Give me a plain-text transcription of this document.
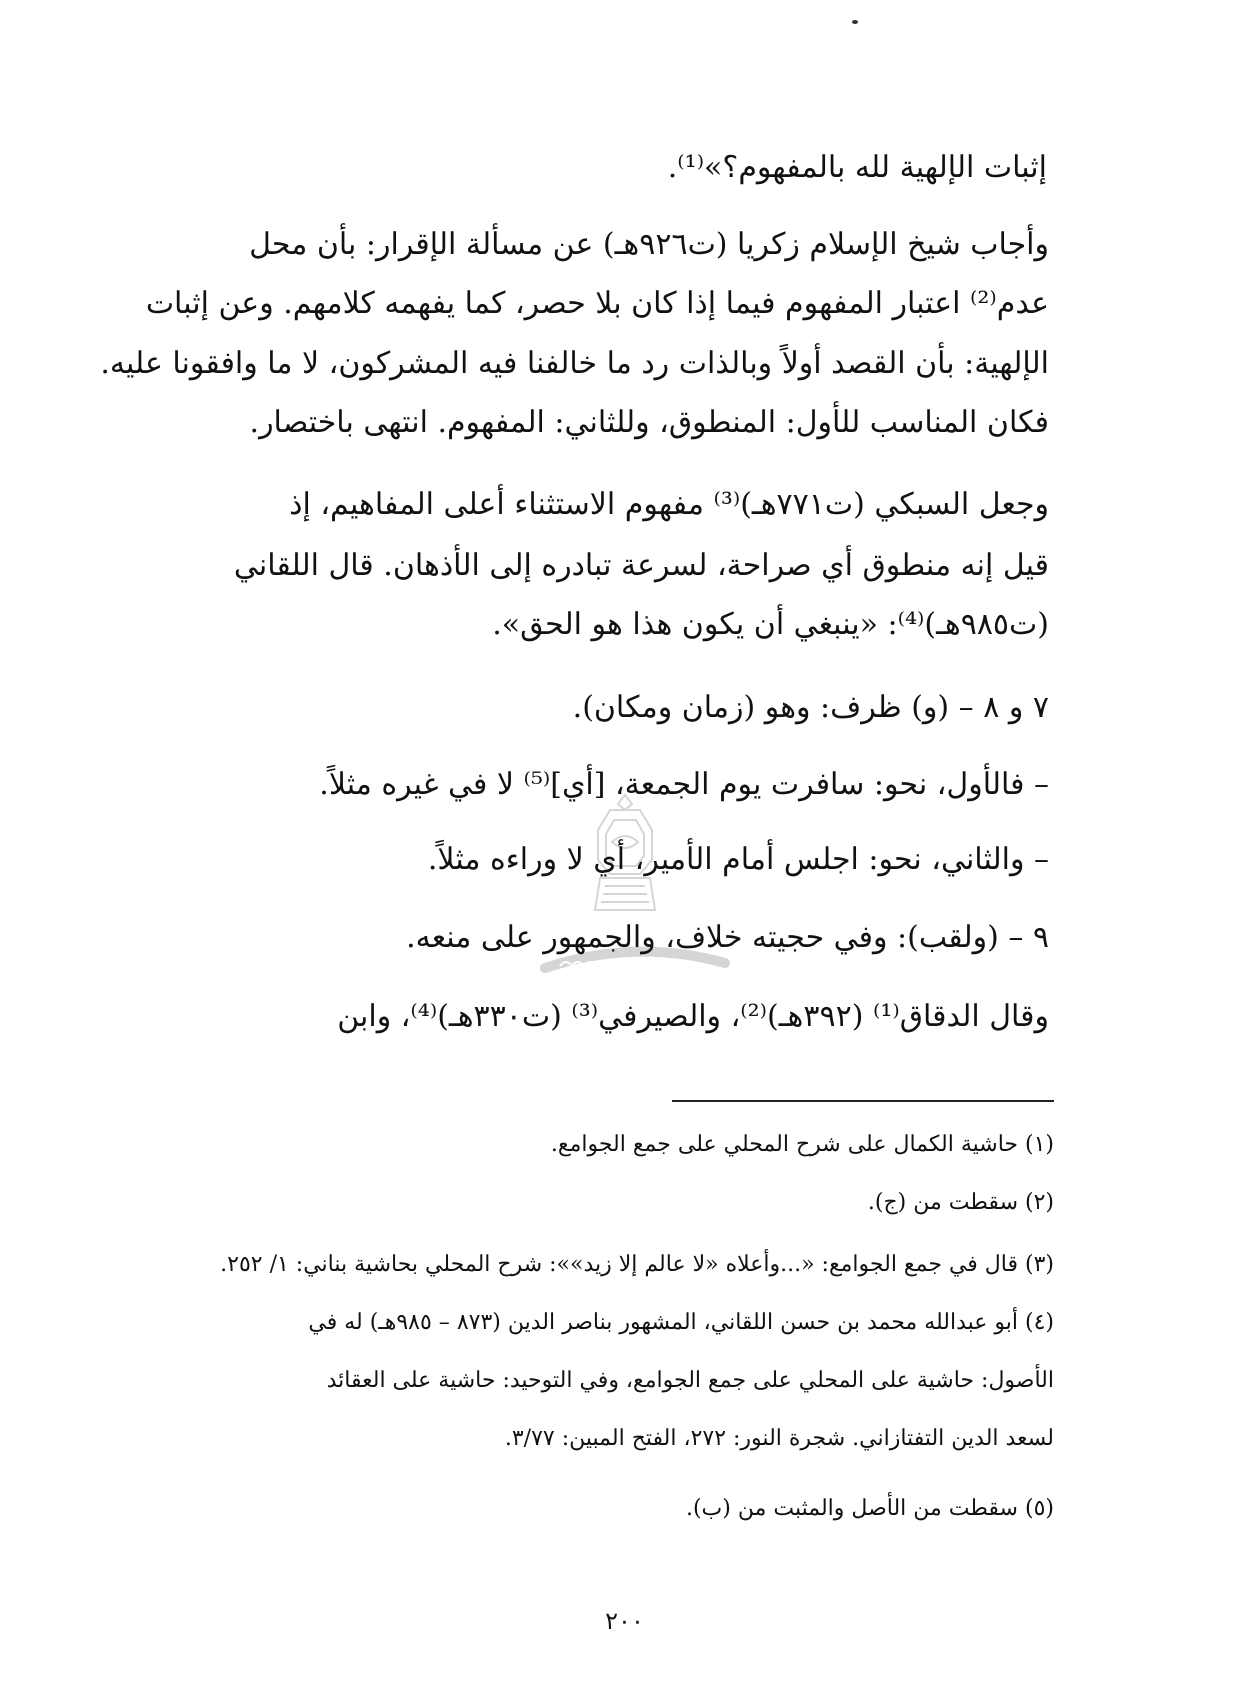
إثبات الإلهية لله بالمفهوم؟»⁽¹⁾.
وأجاب شيخ الإسلام زكريا (ت٩٢٦هـ) عن مسألة الإقرار: بأن محل
عدم⁽²⁾ اعتبار المفهوم فيما إذا كان بلا حصر، كما يفهمه كلامهم. وعن إثبات
الإلهية: بأن القصد أولاً وبالذات رد ما خالفنا فيه المشركون، لا ما وافقونا عليه.
فكان المناسب للأول: المنطوق، وللثاني: المفهوم. انتهى باختصار.
وجعل السبكي (ت٧٧١هـ)⁽³⁾ مفهوم الاستثناء أعلى المفاهيم، إذ
قيل إنه منطوق أي صراحة، لسرعة تبادره إلى الأذهان. قال اللقاني
(ت٩٨٥هـ)⁽⁴⁾: «ينبغي أن يكون هذا هو الحق».
٧ و ٨ – (و) ظرف: وهو (زمان ومكان).
– فالأول، نحو: سافرت يوم الجمعة، [أي]⁽⁵⁾ لا في غيره مثلاً.
– والثاني، نحو: اجلس أمام الأمير، أي لا وراءه مثلاً.
٩ – (ولقب): وفي حجيته خلاف، والجمهور على منعه.
وقال الدقاق⁽¹⁾ (٣٩٢هـ)⁽²⁾، والصيرفي⁽³⁾ (ت٣٣٠هـ)⁽⁴⁾، وابن
(١) حاشية الكمال على شرح المحلي على جمع الجوامع.
(٢) سقطت من (ج).
(٣) قال في جمع الجوامع: «...وأعلاه «لا عالم إلا زيد»»: شرح المحلي بحاشية بناني: ١/ ٢٥٢.
(٤) أبو عبدالله محمد بن حسن اللقاني، المشهور بناصر الدين (٨٧٣ – ٩٨٥هـ) له في
الأصول: حاشية على المحلي على جمع الجوامع، وفي التوحيد: حاشية على العقائد
لسعد الدين التفتازاني. شجرة النور: ٢٧٢، الفتح المبين: ٣/٧٧.
(٥) سقطت من الأصل والمثبت من (ب).
٢٠٠
